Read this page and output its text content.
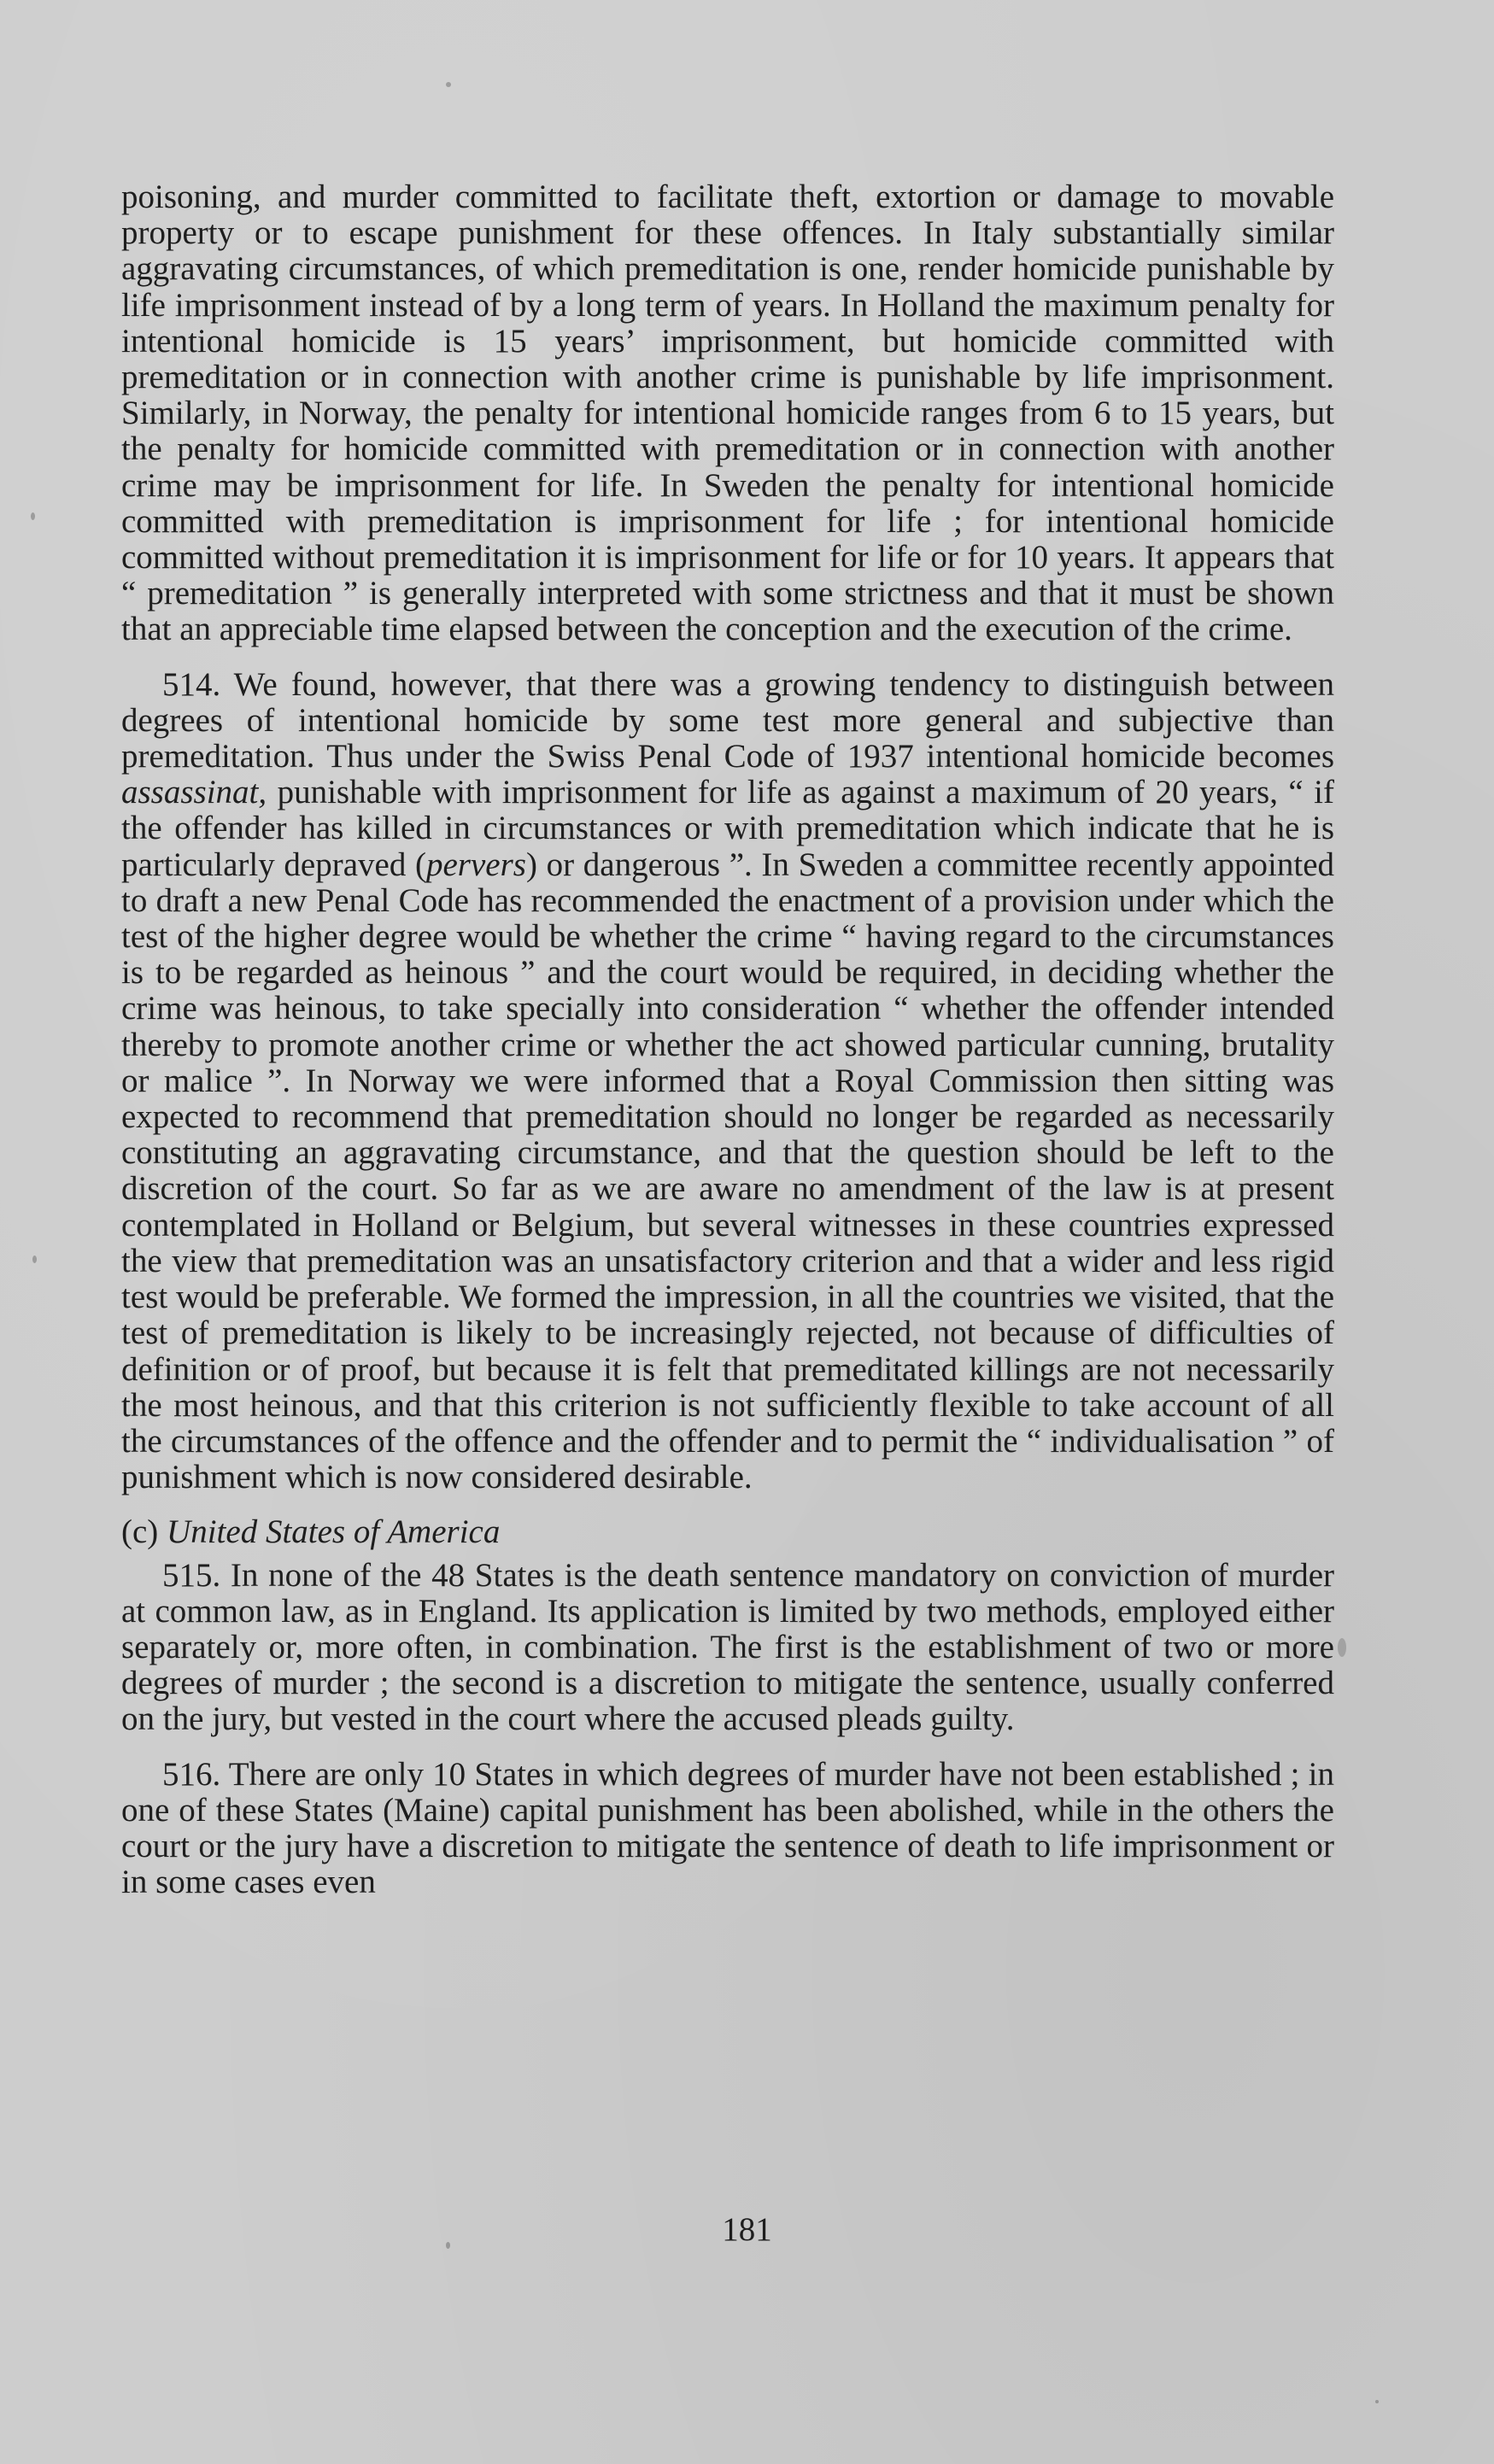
poisoning, and murder committed to facilitate theft, extortion or damage to movable property or to escape punishment for these offences. In Italy substantially similar aggravating circumstances, of which premeditation is one, render homicide punishable by life imprisonment instead of by a long term of years. In Holland the maximum penalty for intentional homicide is 15 years’ imprisonment, but homicide committed with premeditation or in connection with another crime is punishable by life imprisonment. Similarly, in Norway, the penalty for intentional homicide ranges from 6 to 15 years, but the penalty for homicide committed with premeditation or in connection with another crime may be imprisonment for life. In Sweden the penalty for intentional homicide committed with premeditation is imprisonment for life ; for intentional homicide committed without premeditation it is imprisonment for life or for 10 years. It appears that “ premeditation ” is generally interpreted with some strictness and that it must be shown that an appreciable time elapsed between the conception and the execution of the crime.

514. We found, however, that there was a growing tendency to distinguish between degrees of intentional homicide by some test more general and subjective than premeditation. Thus under the Swiss Penal Code of 1937 intentional homicide becomes assassinat, punishable with imprisonment for life as against a maximum of 20 years, “ if the offender has killed in circumstances or with premeditation which indicate that he is particularly depraved (pervers) or dangerous ”. In Sweden a committee recently appointed to draft a new Penal Code has recommended the enactment of a provision under which the test of the higher degree would be whether the crime “ having regard to the circumstances is to be regarded as heinous ” and the court would be required, in deciding whether the crime was heinous, to take specially into consideration “ whether the offender intended thereby to promote another crime or whether the act showed particular cunning, brutality or malice ”. In Norway we were informed that a Royal Commission then sitting was expected to recommend that premeditation should no longer be regarded as necessarily constituting an aggravating circumstance, and that the question should be left to the discretion of the court. So far as we are aware no amendment of the law is at present contemplated in Holland or Belgium, but several witnesses in these countries expressed the view that premeditation was an unsatisfactory criterion and that a wider and less rigid test would be preferable. We formed the impression, in all the countries we visited, that the test of premeditation is likely to be increasingly rejected, not because of difficulties of definition or of proof, but because it is felt that premeditated killings are not necessarily the most heinous, and that this criterion is not sufficiently flexible to take account of all the circumstances of the offence and the offender and to permit the “ individualisation ” of punishment which is now considered desirable.

(c) United States of America

515. In none of the 48 States is the death sentence mandatory on conviction of murder at common law, as in England. Its application is limited by two methods, employed either separately or, more often, in combination. The first is the establishment of two or more degrees of murder ; the second is a discretion to mitigate the sentence, usually conferred on the jury, but vested in the court where the accused pleads guilty.

516. There are only 10 States in which degrees of murder have not been established ; in one of these States (Maine) capital punishment has been abolished, while in the others the court or the jury have a discretion to mitigate the sentence of death to life imprisonment or in some cases even

181
